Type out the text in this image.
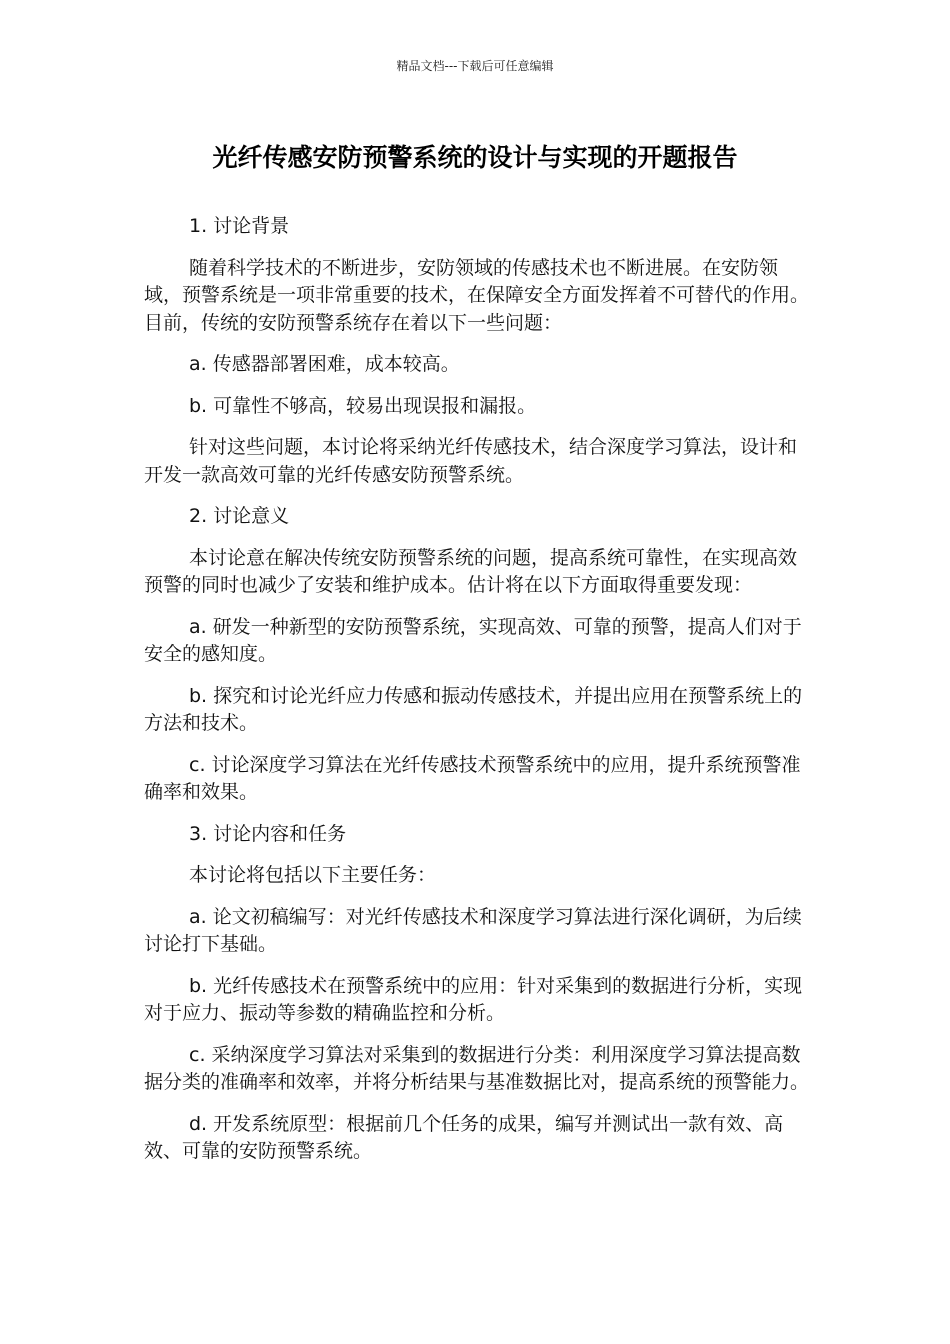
精品文档---下载后可任意编辑
光纤传感安防预警系统的设计与实现的开题报告

1. 讨论背景

随着科学技术的不断进步，安防领域的传感技术也不断进展。在安防领域，预警系统是一项非常重要的技术，在保障安全方面发挥着不可替代的作用。目前，传统的安防预警系统存在着以下一些问题：

a. 传感器部署困难，成本较高。

b. 可靠性不够高，较易出现误报和漏报。

针对这些问题，本讨论将采纳光纤传感技术，结合深度学习算法，设计和开发一款高效可靠的光纤传感安防预警系统。

2. 讨论意义

本讨论意在解决传统安防预警系统的问题，提高系统可靠性，在实现高效预警的同时也减少了安装和维护成本。估计将在以下方面取得重要发现：

a. 研发一种新型的安防预警系统，实现高效、可靠的预警，提高人们对于安全的感知度。

b. 探究和讨论光纤应力传感和振动传感技术，并提出应用在预警系统上的方法和技术。

c. 讨论深度学习算法在光纤传感技术预警系统中的应用，提升系统预警准确率和效果。

3. 讨论内容和任务

本讨论将包括以下主要任务：

a. 论文初稿编写：对光纤传感技术和深度学习算法进行深化调研，为后续讨论打下基础。

b. 光纤传感技术在预警系统中的应用：针对采集到的数据进行分析，实现对于应力、振动等参数的精确监控和分析。

c. 采纳深度学习算法对采集到的数据进行分类：利用深度学习算法提高数据分类的准确率和效率，并将分析结果与基准数据比对，提高系统的预警能力。

d. 开发系统原型：根据前几个任务的成果，编写并测试出一款有效、高效、可靠的安防预警系统。
